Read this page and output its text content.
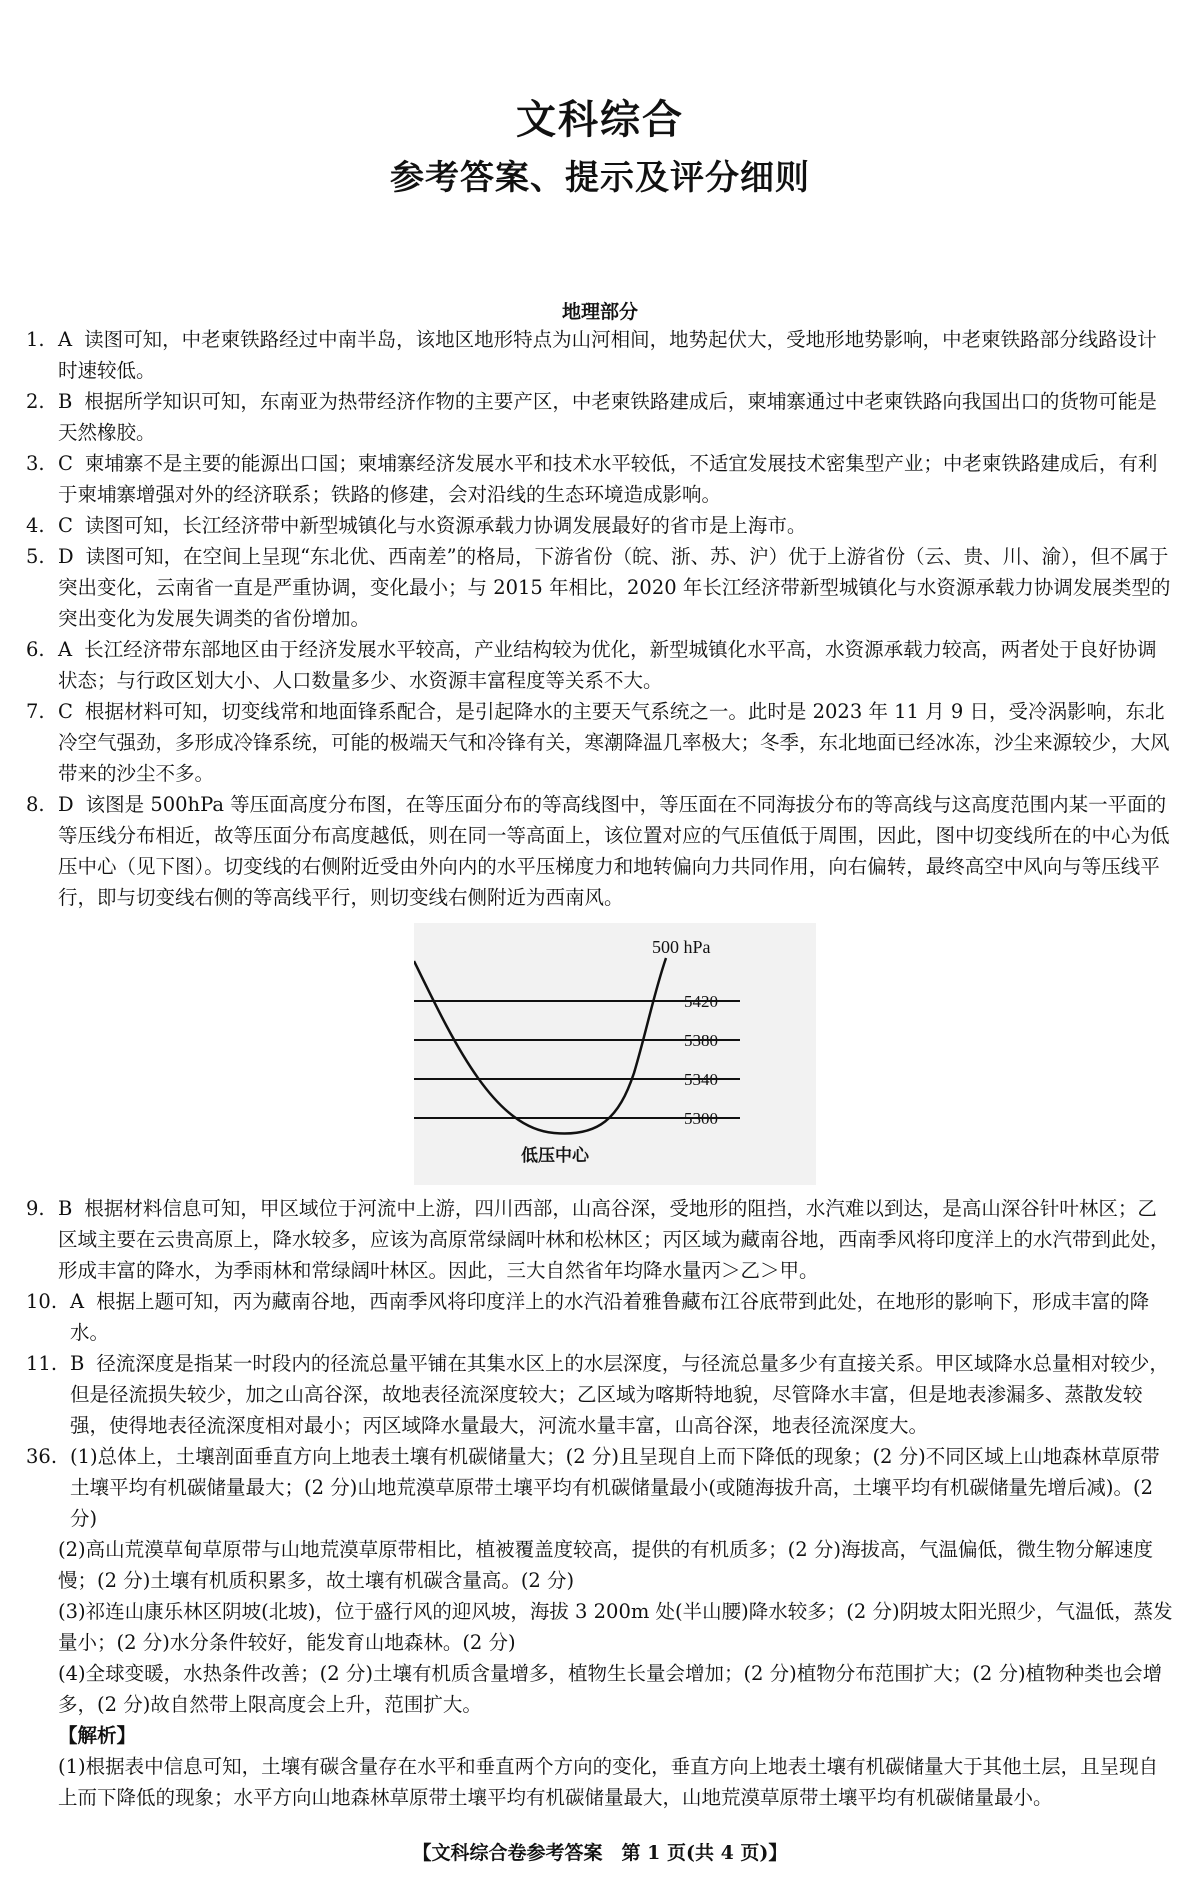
文科综合
参考答案、提示及评分细则
地理部分
1. A 读图可知，中老柬铁路经过中南半岛，该地区地形特点为山河相间，地势起伏大，受地形地势影响，中老柬铁路部分线路设计时速较低。
2. B 根据所学知识可知，东南亚为热带经济作物的主要产区，中老柬铁路建成后，柬埔寨通过中老柬铁路向我国出口的货物可能是天然橡胶。
3. C 柬埔寨不是主要的能源出口国；柬埔寨经济发展水平和技术水平较低，不适宜发展技术密集型产业；中老柬铁路建成后，有利于柬埔寨增强对外的经济联系；铁路的修建，会对沿线的生态环境造成影响。
4. C 读图可知，长江经济带中新型城镇化与水资源承载力协调发展最好的省市是上海市。
5. D 读图可知，在空间上呈现“东北优、西南差”的格局，下游省份（皖、浙、苏、沪）优于上游省份（云、贵、川、渝），但不属于突出变化，云南省一直是严重协调，变化最小；与 2015 年相比，2020 年长江经济带新型城镇化与水资源承载力协调发展类型的突出变化为发展失调类的省份增加。
6. A 长江经济带东部地区由于经济发展水平较高，产业结构较为优化，新型城镇化水平高，水资源承载力较高，两者处于良好协调状态；与行政区划大小、人口数量多少、水资源丰富程度等关系不大。
7. C 根据材料可知，切变线常和地面锋系配合，是引起降水的主要天气系统之一。此时是 2023 年 11 月 9 日，受冷涡影响，东北冷空气强劲，多形成冷锋系统，可能的极端天气和冷锋有关，寒潮降温几率极大；冬季，东北地面已经冰冻，沙尘来源较少，大风带来的沙尘不多。
8. D 该图是 500hPa 等压面高度分布图，在等压面分布的等高线图中，等压面在不同海拔分布的等高线与这高度范围内某一平面的等压线分布相近，故等压面分布高度越低，则在同一等高面上，该位置对应的气压值低于周围，因此，图中切变线所在的中心为低压中心（见下图）。切变线的右侧附近受由外向内的水平压梯度力和地转偏向力共同作用，向右偏转，最终高空中风向与等压线平行，即与切变线右侧的等高线平行，则切变线右侧附近为西南风。
500 hPa
5420
5380
5340
5300
低压中心
9. B 根据材料信息可知，甲区域位于河流中上游，四川西部，山高谷深，受地形的阻挡，水汽难以到达，是高山深谷针叶林区；乙区域主要在云贵高原上，降水较多，应该为高原常绿阔叶林和松林区；丙区域为藏南谷地，西南季风将印度洋上的水汽带到此处，形成丰富的降水，为季雨林和常绿阔叶林区。因此，三大自然省年均降水量丙＞乙＞甲。
10. A 根据上题可知，丙为藏南谷地，西南季风将印度洋上的水汽沿着雅鲁藏布江谷底带到此处，在地形的影响下，形成丰富的降水。
11. B 径流深度是指某一时段内的径流总量平铺在其集水区上的水层深度，与径流总量多少有直接关系。甲区域降水总量相对较少，但是径流损失较少，加之山高谷深，故地表径流深度较大；乙区域为喀斯特地貌，尽管降水丰富，但是地表渗漏多、蒸散发较强，使得地表径流深度相对最小；丙区域降水量最大，河流水量丰富，山高谷深，地表径流深度大。
36. (1)总体上，土壤剖面垂直方向上地表土壤有机碳储量大；(2 分)且呈现自上而下降低的现象；(2 分)不同区域上山地森林草原带土壤平均有机碳储量最大；(2 分)山地荒漠草原带土壤平均有机碳储量最小(或随海拔升高，土壤平均有机碳储量先增后减)。(2 分)
(2)高山荒漠草甸草原带与山地荒漠草原带相比，植被覆盖度较高，提供的有机质多；(2 分)海拔高，气温偏低，微生物分解速度慢；(2 分)土壤有机质积累多，故土壤有机碳含量高。(2 分)
(3)祁连山康乐林区阴坡(北坡)，位于盛行风的迎风坡，海拔 3 200m 处(半山腰)降水较多；(2 分)阴坡太阳光照少，气温低，蒸发量小；(2 分)水分条件较好，能发育山地森林。(2 分)
(4)全球变暖，水热条件改善；(2 分)土壤有机质含量增多，植物生长量会增加；(2 分)植物分布范围扩大；(2 分)植物种类也会增多，(2 分)故自然带上限高度会上升，范围扩大。
【解析】
(1)根据表中信息可知，土壤有碳含量存在水平和垂直两个方向的变化，垂直方向上地表土壤有机碳储量大于其他土层，且呈现自上而下降低的现象；水平方向山地森林草原带土壤平均有机碳储量最大，山地荒漠草原带土壤平均有机碳储量最小。
【文科综合卷参考答案　第 1 页(共 4 页)】
